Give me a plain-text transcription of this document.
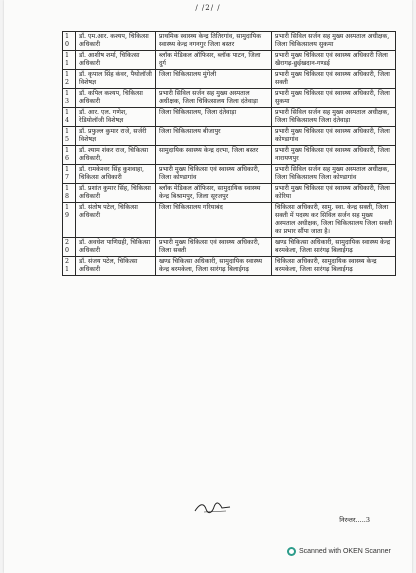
/ /2/ /
10	डॉ. एम.आर. कश्यप, चिकित्सा अधिकारी	प्राथमिक स्वास्थ्य केन्द्र तितिरगांव, सामुदायिक स्वास्थ्य केन्द्र नगनगुर जिला बस्तर	प्रभारी सिविल सर्जन सह मुख्य अस्पताल अधीक्षक, जिला चिकित्सालय सुकमा
11	डॉ. आशीष शर्मा, चिकित्सा अधिकारी	ब्लॉक मेडिकल ऑफिसर, ब्लॉक पाटन, जिला दुर्ग	प्रभारी मुख्य चिकित्सा एवं स्वास्थ्य अधिकारी जिला खैरागढ़-छुईखदान-गण्डई
12	डॉ. कृपाल सिंह कंवर, पैथोलॉजी विशेषज्ञ	जिला चिकित्सालय मुंगेली	प्रभारी मुख्य चिकित्सा एवं स्वास्थ्य अधिकारी, जिला सक्ती
13	डॉ. कपिल कश्यप, चिकित्सा अधिकारी	प्रभारी सिविल सर्जन सह मुख्य अस्पताल अधीक्षक, जिला चिकित्सालय जिला दंतेवाड़ा	प्रभारी मुख्य चिकित्सा एवं स्वास्थ्य अधिकारी, जिला सुकमा
14	डॉ. आर. एल. गणेश, रेडियोलॉजी विशेषज्ञ	जिला चिकित्सालय, जिला दंतेवाड़ा	प्रभारी सिविल सर्जन सह मुख्य अस्पताल अधीक्षक, जिला चिकित्सालय जिला दंतेवाड़ा
15	डॉ. प्रफुल्ल कुमार राजे, सर्जरी विशेषज्ञ	जिला चिकित्सालय बीजापुर	प्रभारी मुख्य चिकित्सा एवं स्वास्थ्य अधिकारी, जिला कोण्डागांव
16	डॉ. श्याम शंकर राज, चिकित्सा अधिकारी,	सामुदायिक स्वास्थ्य केन्द्र दरभा, जिला बस्तर	प्रभारी मुख्य चिकित्सा एवं स्वास्थ्य अधिकारी, जिला नारायणपुर
17	डॉ. रामकेश्वर सिंह कुशवाहा, चिकित्सा अधिकारी	प्रभारी मुख्य चिकित्सा एवं स्वास्थ्य अधिकारी, जिला कोण्डागांव	प्रभारी सिविल सर्जन सह मुख्य अस्पताल अधीक्षक, जिला चिकित्सालय जिला कोण्डागांव
18	डॉ. प्रशांत कुमार सिंह, चिकित्सा अधिकारी	ब्लॉक मेडिकल ऑफिसर, सामुदायिक स्वास्थ्य केन्द्र बिश्रामपुर, जिला सूरजपुर	प्रभारी मुख्य चिकित्सा एवं स्वास्थ्य अधिकारी, जिला कोरिया
19	डॉ. संतोष पटेल, चिकित्सा अधिकारी	जिला चिकित्सालय गरियाबंद	चिकित्सा अधिकारी, सामु. स्वा. केन्द्र सक्ती, जिला सक्ती में पदस्थ कर सिविल सर्जन सह मुख्य अस्पताल अधीक्षक, जिला चिकित्सालय जिला सक्ती का प्रभार सौंपा जाता है।
20	डॉ. अवधेश पाणिग्रही, चिकित्सा अधिकारी	प्रभारी मुख्य चिकित्सा एवं स्वास्थ्य अधिकारी, जिला सक्ती	खण्ड चिकित्सा अधिकारी, सामुदायिक स्वास्थ्य केन्द्र बरमकेला, जिला सारंगढ़ बिलाईगढ़
21	डॉ. संजय पटेल, चिकित्सा अधिकारी	खण्ड चिकित्सा अधिकारी, सामुदायिक स्वास्थ्य केन्द्र बरमकेला, जिला सारंगढ़ बिलाईगढ़	चिकित्सा अधिकारी, सामुदायिक स्वास्थ्य केन्द्र बरमकेला, जिला सारंगढ़ बिलाईगढ़
निरन्तर.....3
Scanned with OKEN Scanner
